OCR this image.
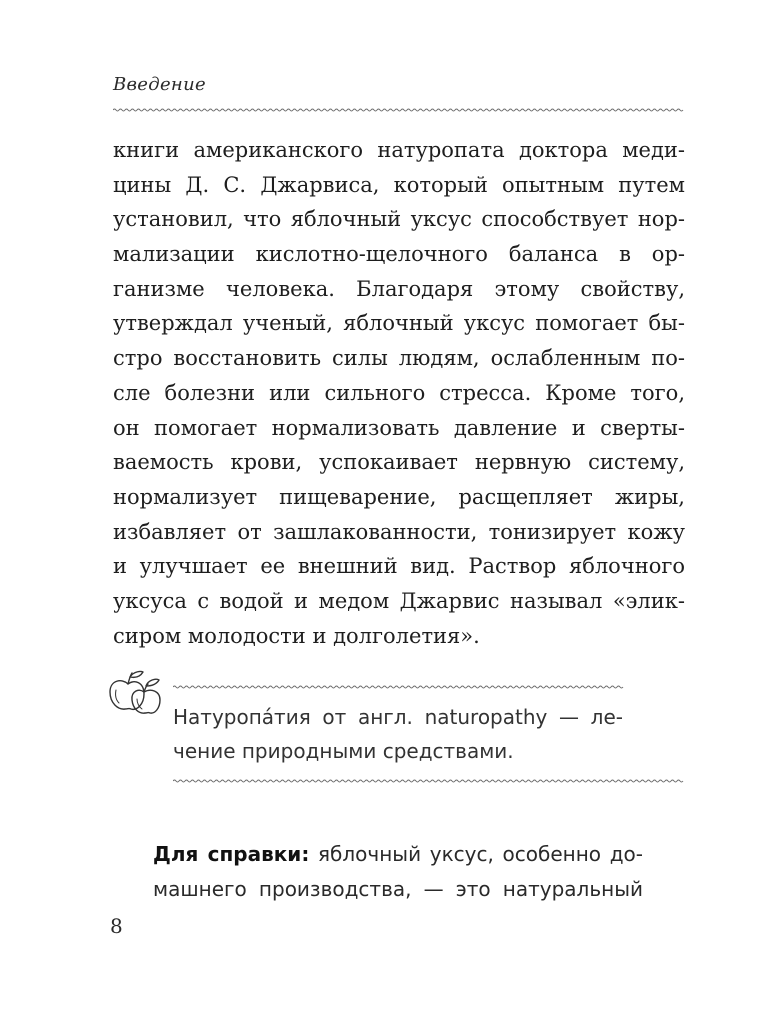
Введение
книги американского натуропата доктора меди-
цины Д. С. Джарвиса, который опытным путем
установил, что яблочный уксус способствует нор-
мализации кислотно-щелочного баланса в ор-
ганизме человека. Благодаря этому свойству,
утверждал ученый, яблочный уксус помогает бы-
стро восстановить силы людям, ослабленным по-
сле болезни или сильного стресса. Кроме того,
он помогает нормализовать давление и сверты-
ваемость крови, успокаивает нервную систему,
нормализует пищеварение, расщепляет жиры,
избавляет от зашлакованности, тонизирует кожу
и улучшает ее внешний вид. Раствор яблочного
уксуса с водой и медом Джарвис называл «элик-
сиром молодости и долголетия».
Натуропáтия от англ. naturopathy — ле-
чение природными средствами.
Для справки: яблочный уксус, особенно до-
машнего производства, — это натуральный
8
